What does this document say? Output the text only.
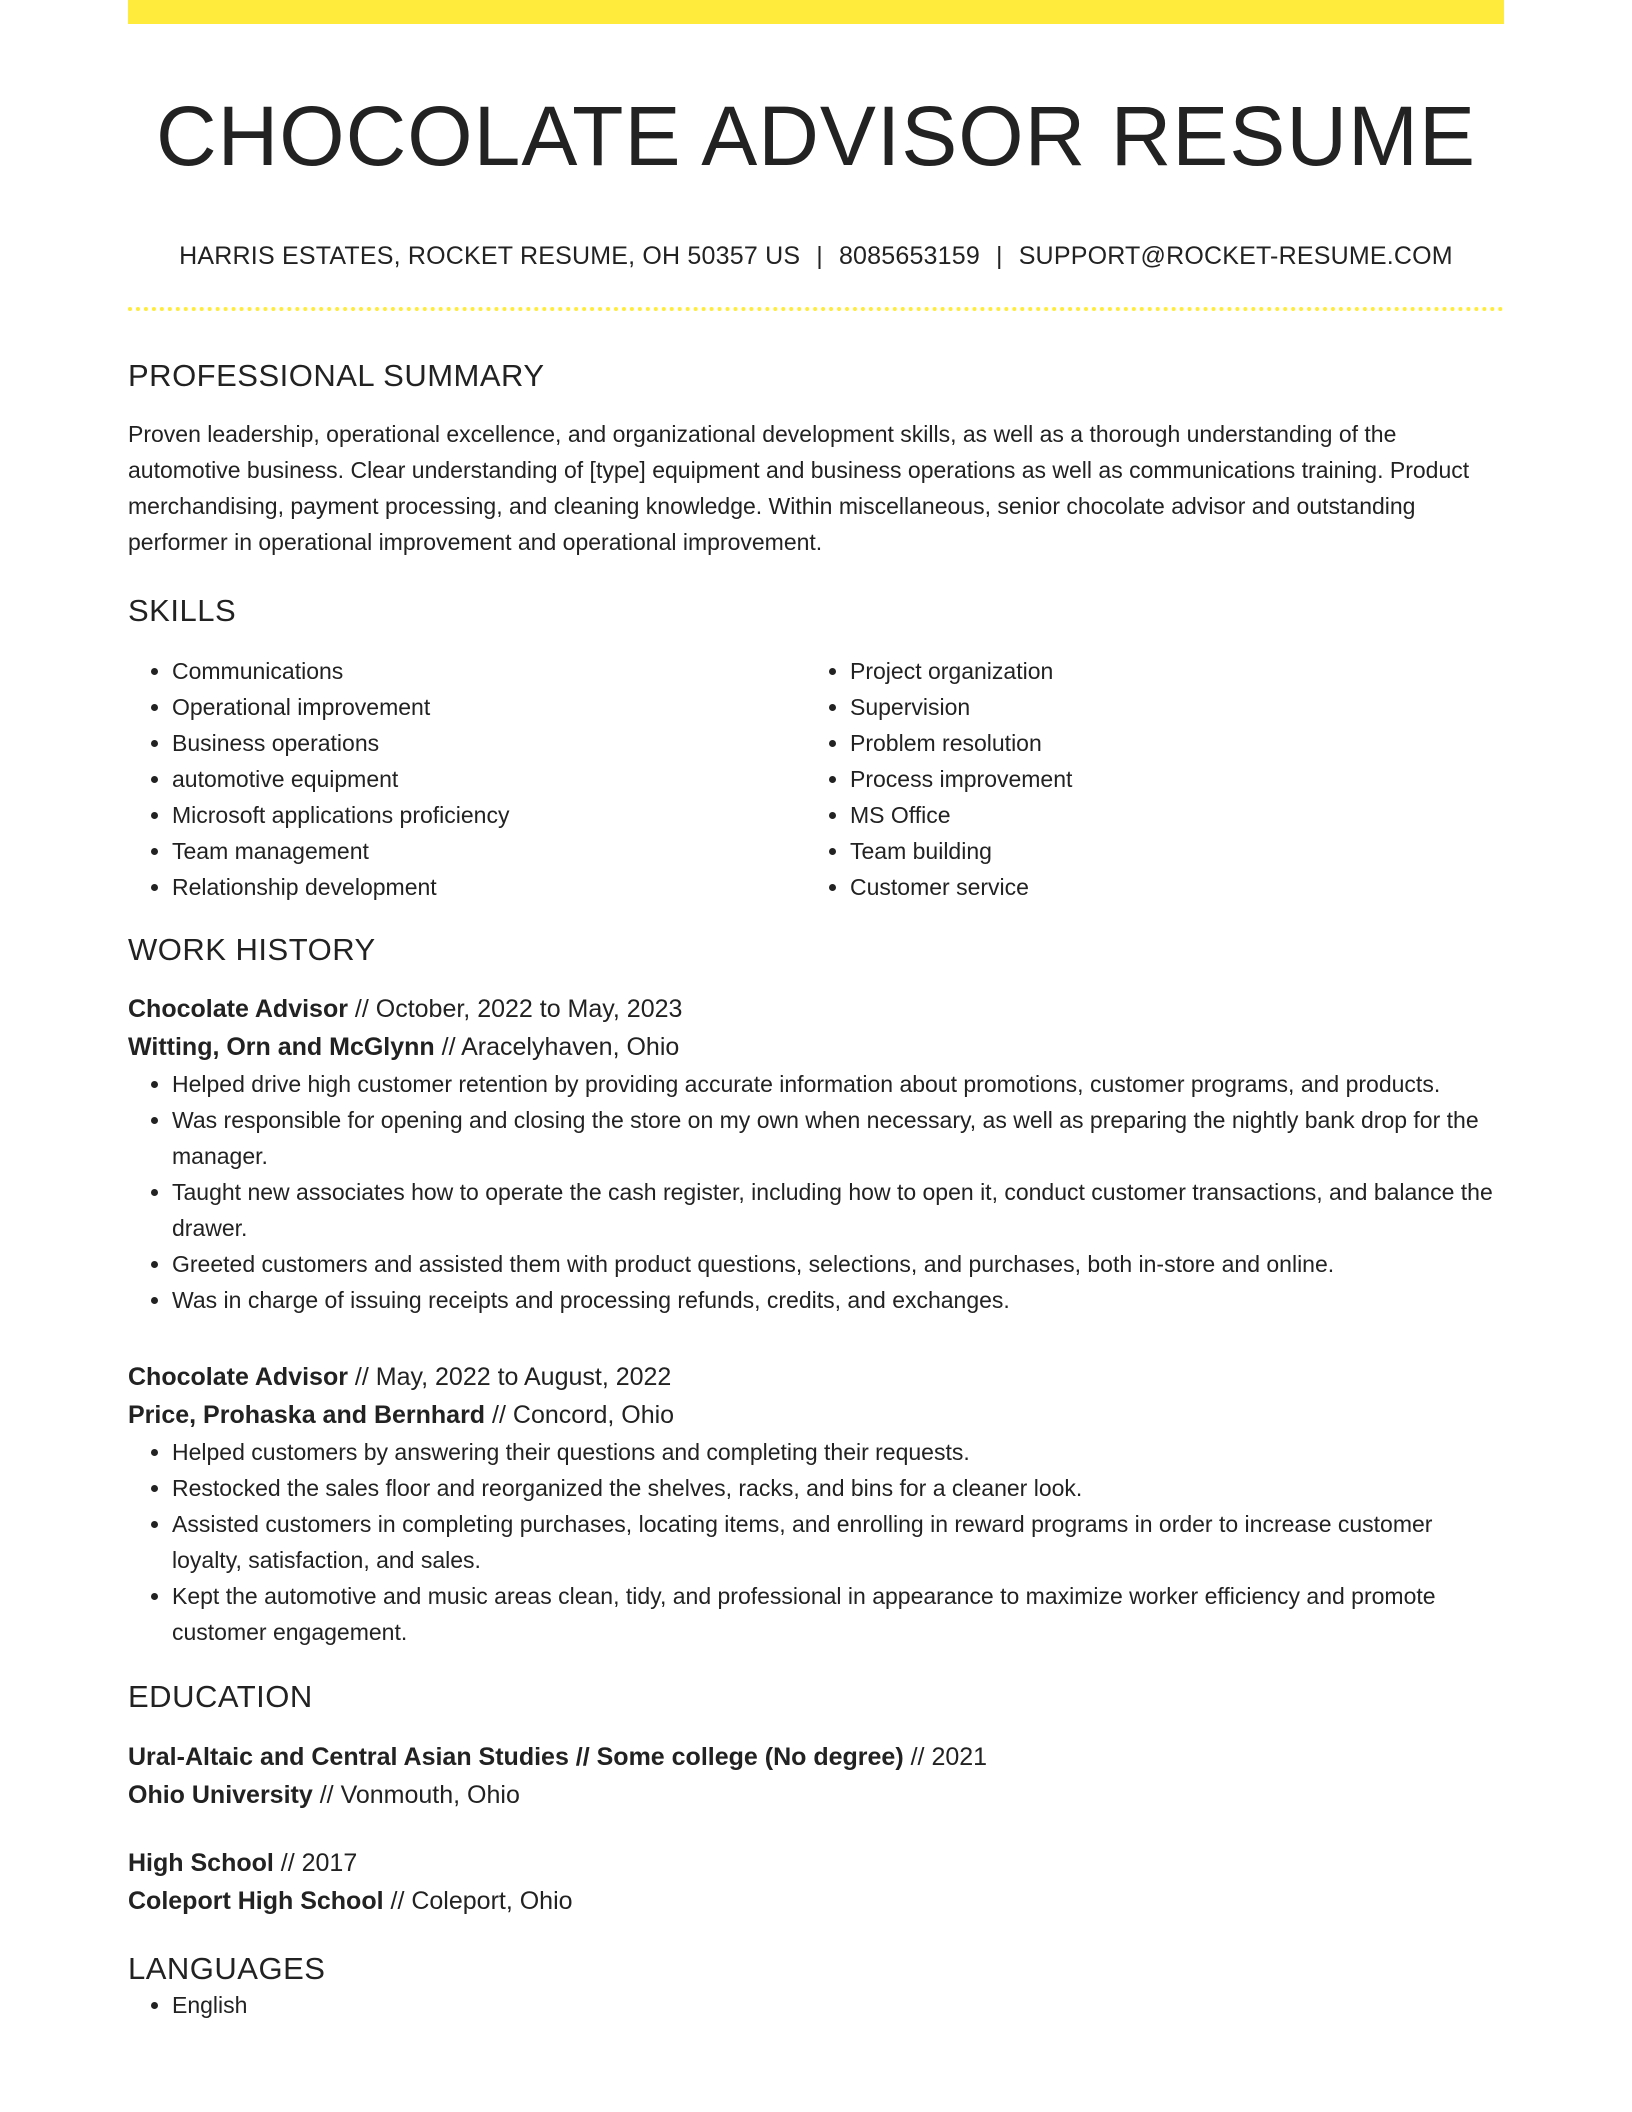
CHOCOLATE ADVISOR RESUME
HARRIS ESTATES, ROCKET RESUME, OH 50357 US | 8085653159 | SUPPORT@ROCKET-RESUME.COM
PROFESSIONAL SUMMARY
Proven leadership, operational excellence, and organizational development skills, as well as a thorough understanding of the automotive business. Clear understanding of [type] equipment and business operations as well as communications training. Product merchandising, payment processing, and cleaning knowledge. Within miscellaneous, senior chocolate advisor and outstanding performer in operational improvement and operational improvement.
SKILLS
• Communications
• Operational improvement
• Business operations
• automotive equipment
• Microsoft applications proficiency
• Team management
• Relationship development
• Project organization
• Supervision
• Problem resolution
• Process improvement
• MS Office
• Team building
• Customer service
WORK HISTORY
Chocolate Advisor // October, 2022 to May, 2023
Witting, Orn and McGlynn // Aracelyhaven, Ohio
• Helped drive high customer retention by providing accurate information about promotions, customer programs, and products.
• Was responsible for opening and closing the store on my own when necessary, as well as preparing the nightly bank drop for the manager.
• Taught new associates how to operate the cash register, including how to open it, conduct customer transactions, and balance the drawer.
• Greeted customers and assisted them with product questions, selections, and purchases, both in-store and online.
• Was in charge of issuing receipts and processing refunds, credits, and exchanges.
Chocolate Advisor // May, 2022 to August, 2022
Price, Prohaska and Bernhard // Concord, Ohio
• Helped customers by answering their questions and completing their requests.
• Restocked the sales floor and reorganized the shelves, racks, and bins for a cleaner look.
• Assisted customers in completing purchases, locating items, and enrolling in reward programs in order to increase customer loyalty, satisfaction, and sales.
• Kept the automotive and music areas clean, tidy, and professional in appearance to maximize worker efficiency and promote customer engagement.
EDUCATION
Ural-Altaic and Central Asian Studies // Some college (No degree) // 2021
Ohio University // Vonmouth, Ohio
High School // 2017
Coleport High School // Coleport, Ohio
LANGUAGES
• English
